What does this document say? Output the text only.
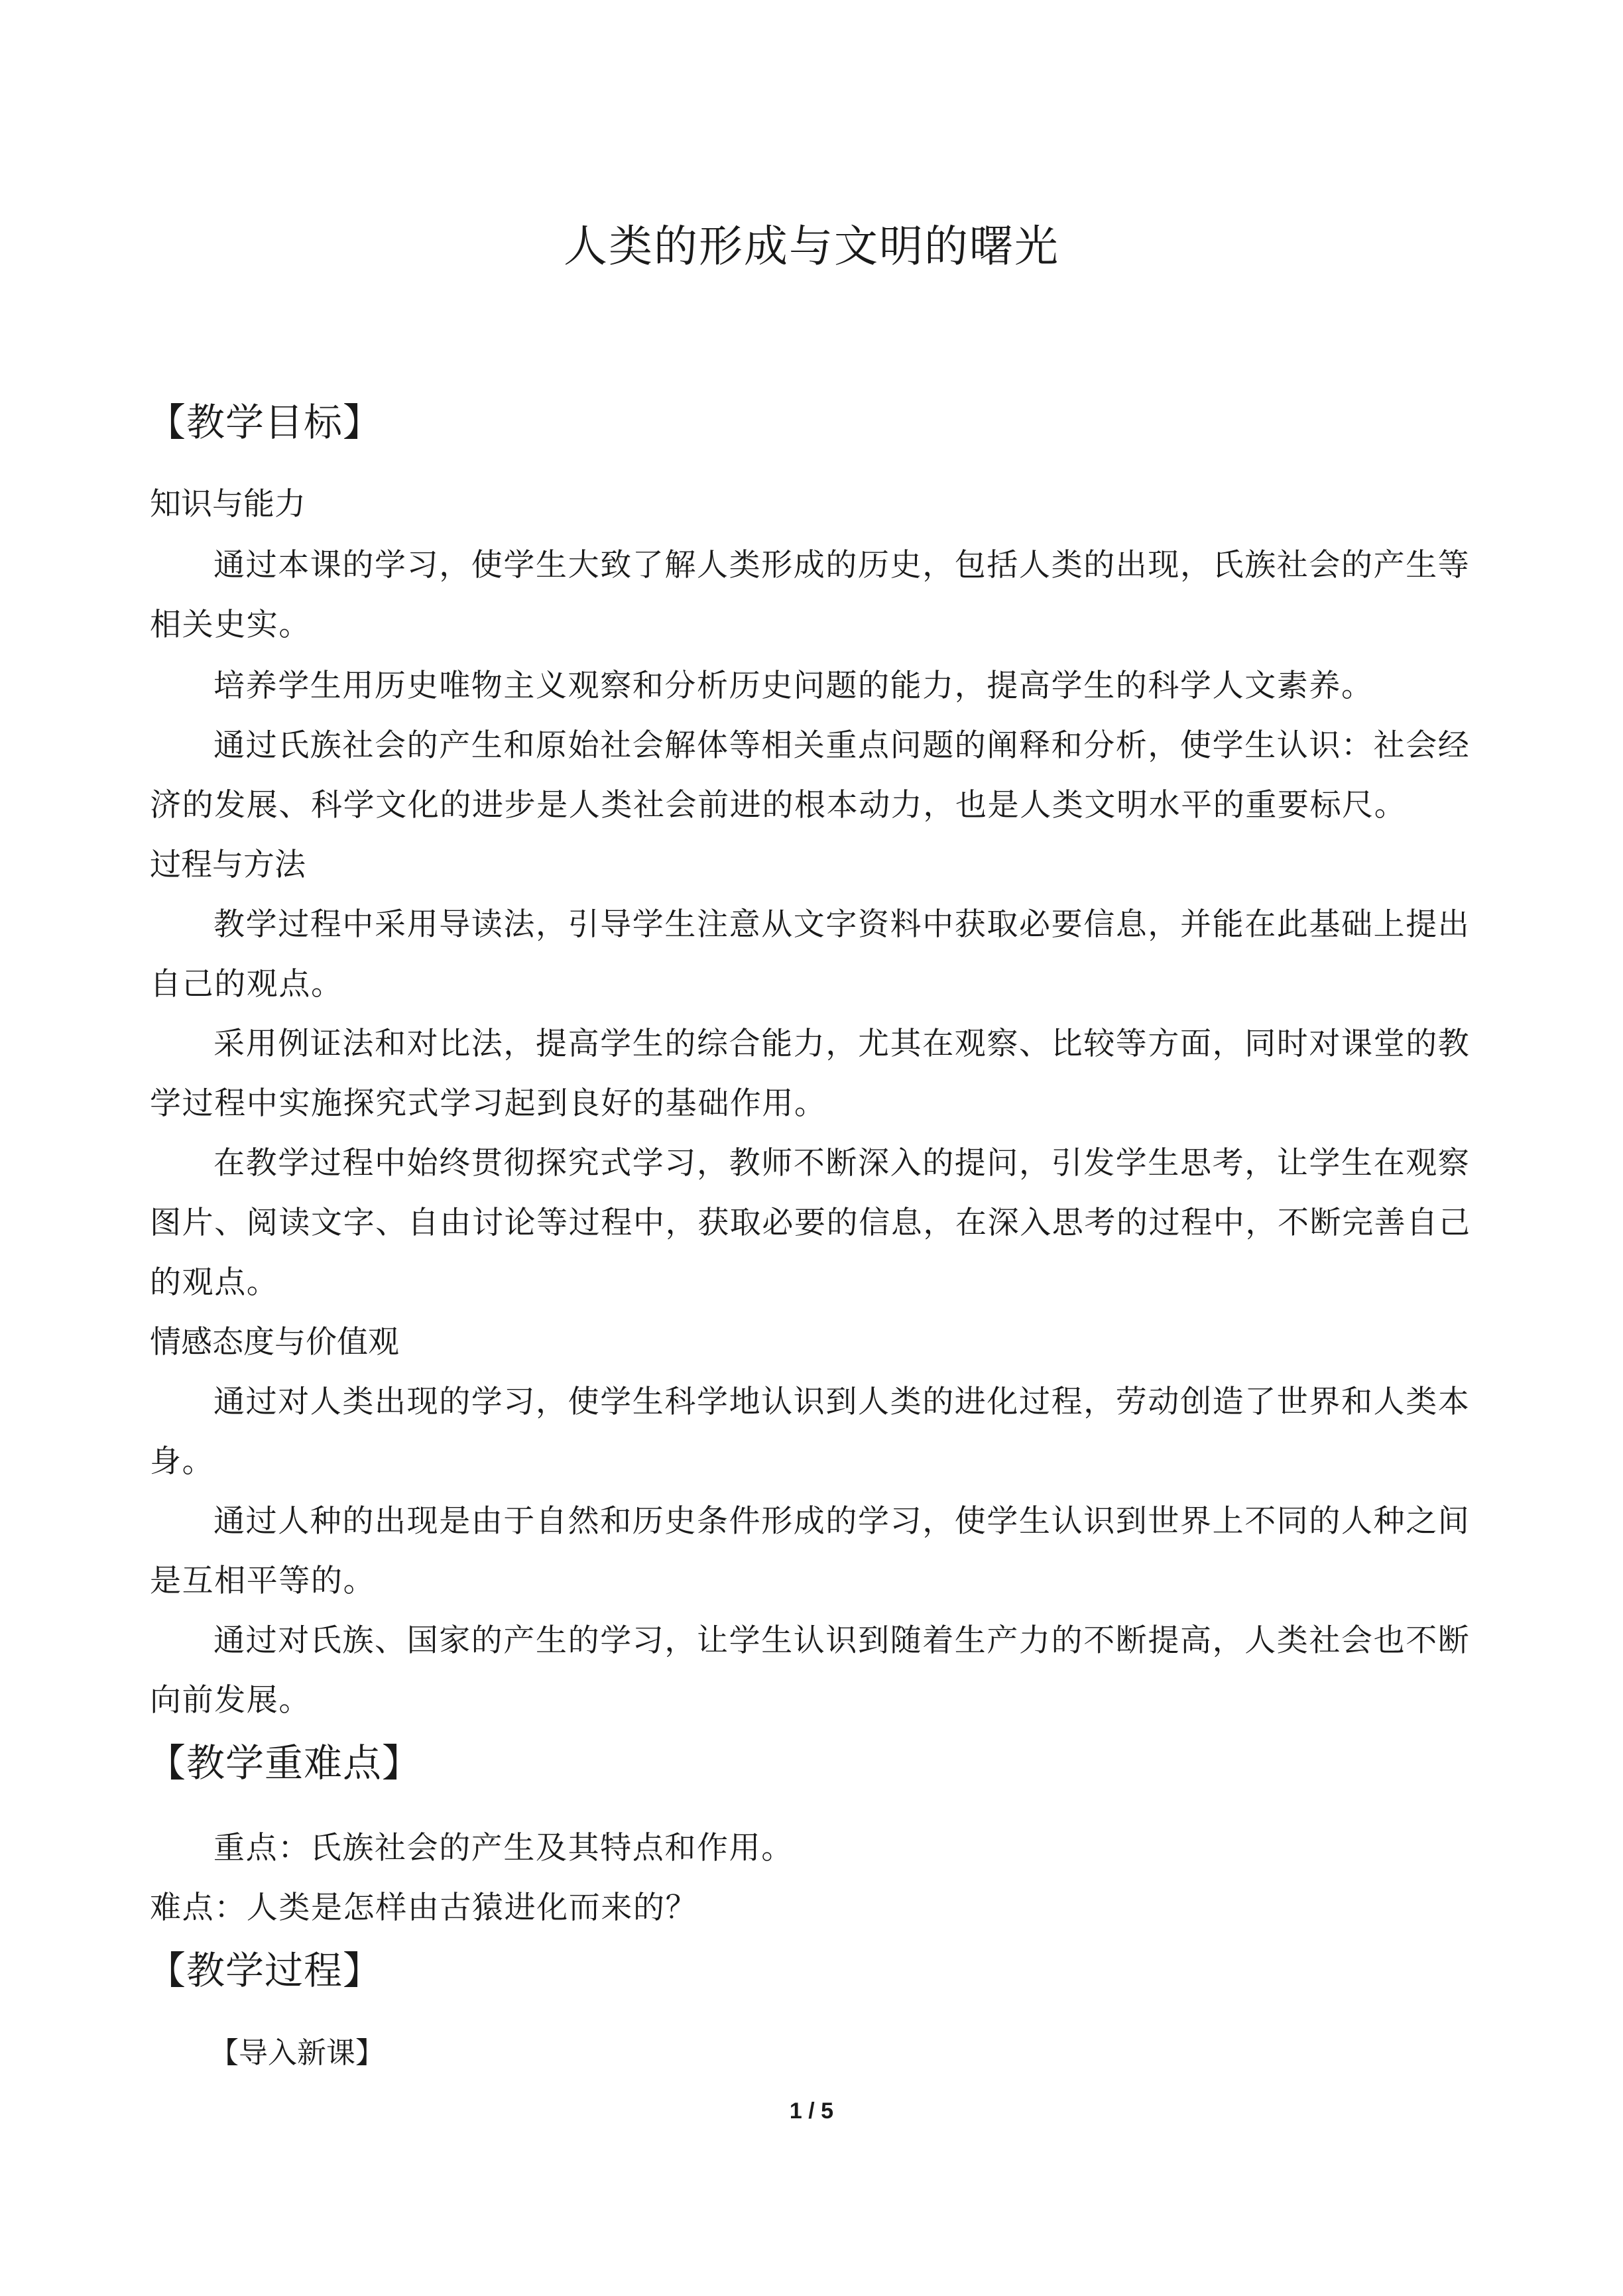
人类的形成与文明的曙光
【教学目标】
知识与能力
通过本课的学习，使学生大致了解人类形成的历史，包括人类的出现，氏族社会的产生等
相关史实。
培养学生用历史唯物主义观察和分析历史问题的能力，提高学生的科学人文素养。
通过氏族社会的产生和原始社会解体等相关重点问题的阐释和分析，使学生认识：社会经
济的发展、科学文化的进步是人类社会前进的根本动力，也是人类文明水平的重要标尺。
过程与方法
教学过程中采用导读法，引导学生注意从文字资料中获取必要信息，并能在此基础上提出
自己的观点。
采用例证法和对比法，提高学生的综合能力，尤其在观察、比较等方面，同时对课堂的教
学过程中实施探究式学习起到良好的基础作用。
在教学过程中始终贯彻探究式学习，教师不断深入的提问，引发学生思考，让学生在观察
图片、阅读文字、自由讨论等过程中，获取必要的信息，在深入思考的过程中，不断完善自己
的观点。
情感态度与价值观
通过对人类出现的学习，使学生科学地认识到人类的进化过程，劳动创造了世界和人类本
身。
通过人种的出现是由于自然和历史条件形成的学习，使学生认识到世界上不同的人种之间
是互相平等的。
通过对氏族、国家的产生的学习，让学生认识到随着生产力的不断提高，人类社会也不断
向前发展。
【教学重难点】
重点：氏族社会的产生及其特点和作用。
难点：人类是怎样由古猿进化而来的？
【教学过程】
【导入新课】
1 / 5
